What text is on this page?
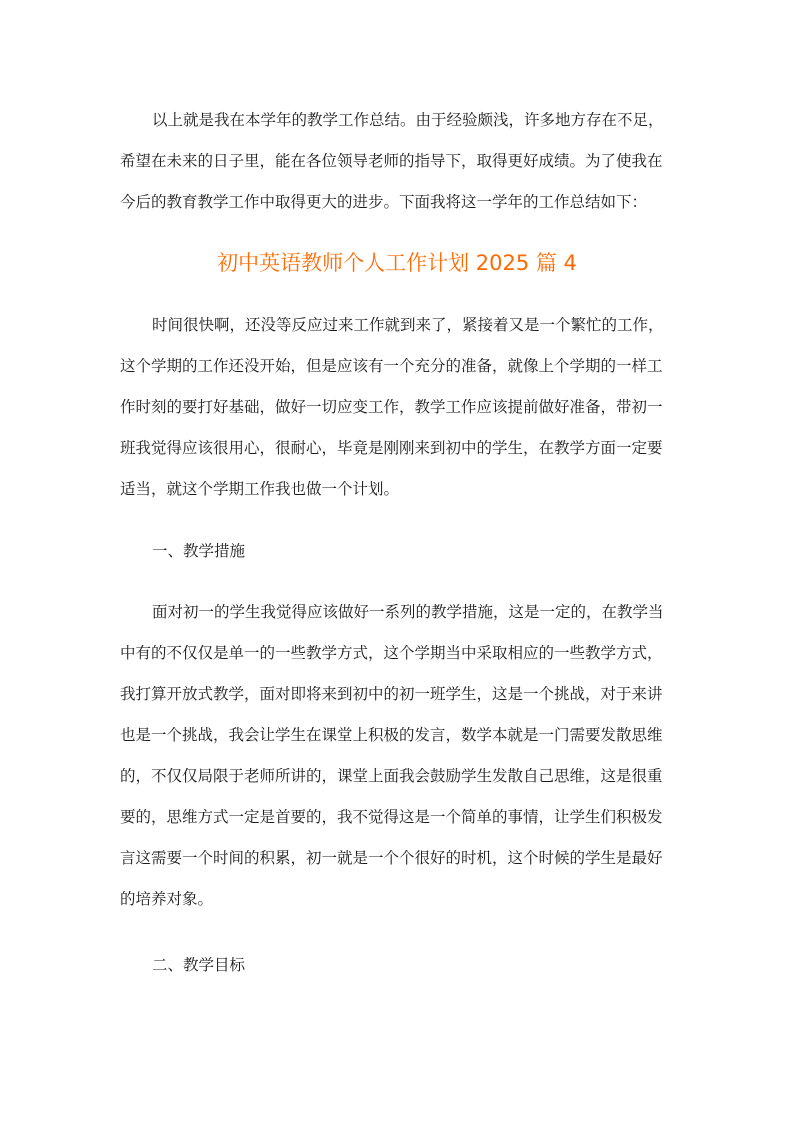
以上就是我在本学年的教学工作总结。由于经验颇浅，许多地方存在不足，
希望在未来的日子里，能在各位领导老师的指导下，取得更好成绩。为了使我在
今后的教育教学工作中取得更大的进步。下面我将这一学年的工作总结如下：
初中英语教师个人工作计划 2025 篇 4
时间很快啊，还没等反应过来工作就到来了，紧接着又是一个繁忙的工作，
这个学期的工作还没开始，但是应该有一个充分的准备，就像上个学期的一样工
作时刻的要打好基础，做好一切应变工作，教学工作应该提前做好准备，带初一
班我觉得应该很用心，很耐心，毕竟是刚刚来到初中的学生，在教学方面一定要
适当，就这个学期工作我也做一个计划。
一、教学措施
面对初一的学生我觉得应该做好一系列的教学措施，这是一定的，在教学当
中有的不仅仅是单一的一些教学方式，这个学期当中采取相应的一些教学方式，
我打算开放式教学，面对即将来到初中的初一班学生，这是一个挑战，对于来讲
也是一个挑战，我会让学生在课堂上积极的发言，数学本就是一门需要发散思维
的，不仅仅局限于老师所讲的，课堂上面我会鼓励学生发散自己思维，这是很重
要的，思维方式一定是首要的，我不觉得这是一个简单的事情，让学生们积极发
言这需要一个时间的积累，初一就是一个个很好的时机，这个时候的学生是最好
的培养对象。
二、教学目标
